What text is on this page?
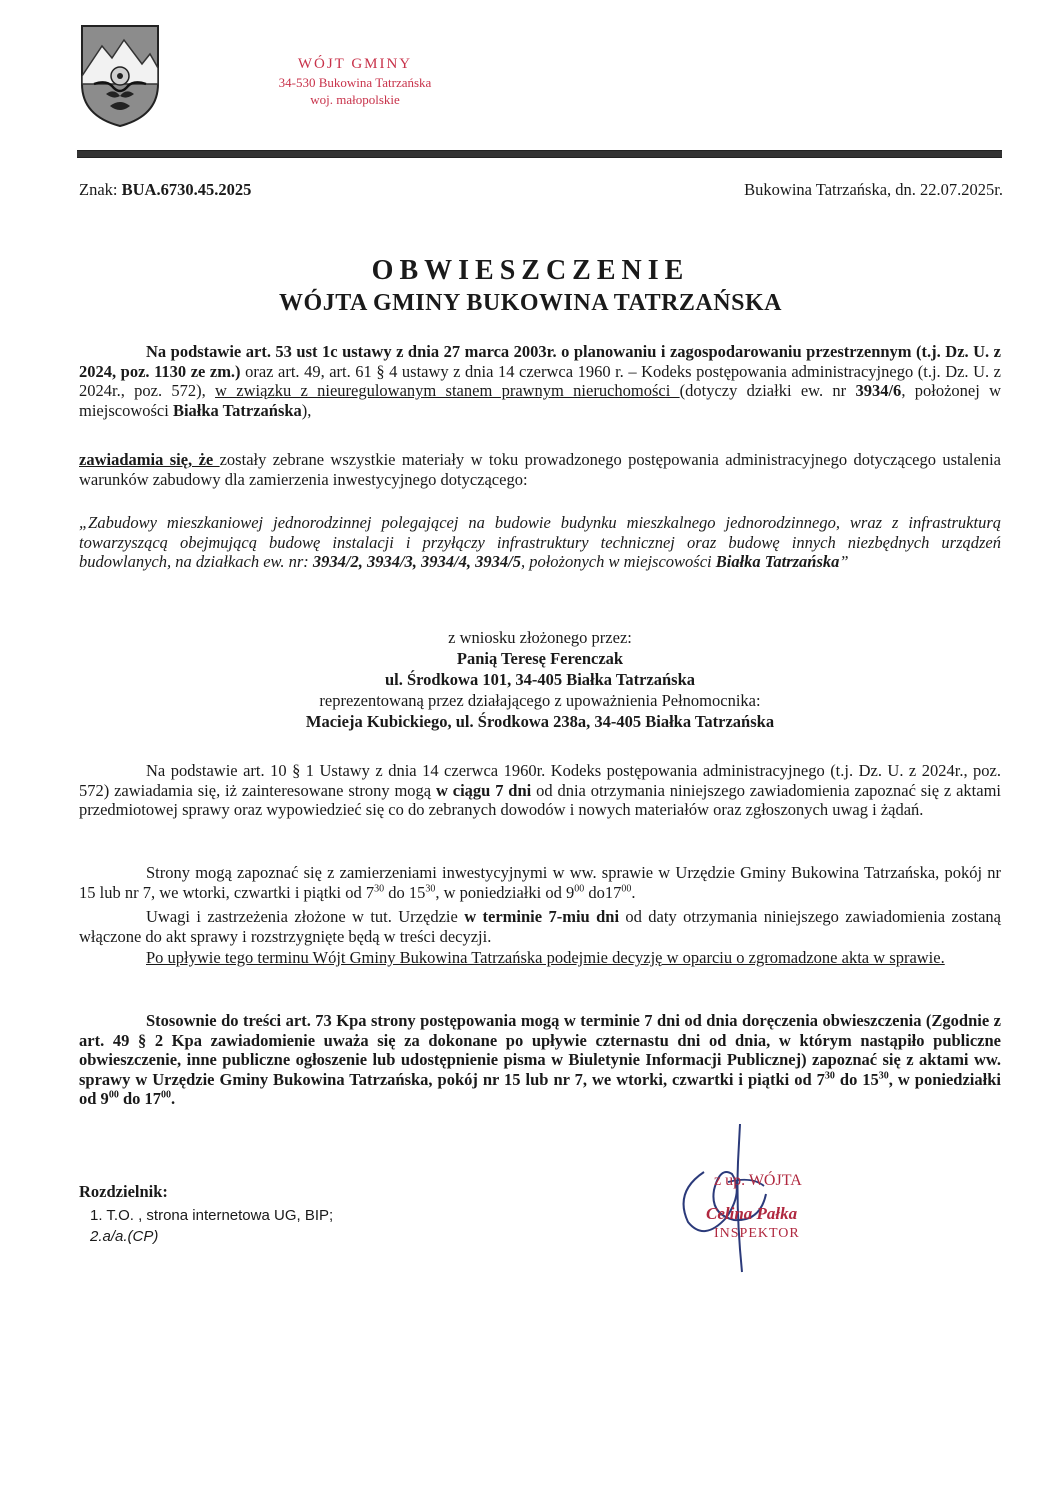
WÓJT GMINY
34-530 Bukowina Tatrzańska
woj. małopolskie
Znak: BUA.6730.45.2025	Bukowina Tatrzańska, dn. 22.07.2025r.
OBWIESZCZENIE
WÓJTA GMINY BUKOWINA TATRZAŃSKA
Na podstawie art. 53 ust 1c ustawy z dnia 27 marca 2003r. o planowaniu i zagospodarowaniu przestrzennym (t.j. Dz. U. z 2024, poz. 1130 ze zm.) oraz art. 49, art. 61 § 4 ustawy z dnia 14 czerwca 1960 r. – Kodeks postępowania administracyjnego (t.j. Dz. U. z 2024r., poz. 572), w związku z nieuregulowanym stanem prawnym nieruchomości (dotyczy działki ew. nr 3934/6, położonej w miejscowości Białka Tatrzańska),
zawiadamia się, że zostały zebrane wszystkie materiały w toku prowadzonego postępowania administracyjnego dotyczącego ustalenia warunków zabudowy dla zamierzenia inwestycyjnego dotyczącego:
„Zabudowy mieszkaniowej jednorodzinnej polegającej na budowie budynku mieszkalnego jednorodzinnego, wraz z infrastrukturą towarzyszącą obejmującą budowę instalacji i przyłączy infrastruktury technicznej oraz budowę innych niezbędnych urządzeń budowlanych, na działkach ew. nr: 3934/2, 3934/3, 3934/4, 3934/5, położonych w miejscowości Białka Tatrzańska”
z wniosku złożonego przez:
Panią Teresę Ferenczak
ul. Środkowa 101, 34-405 Białka Tatrzańska
reprezentowaną przez działającego z upoważnienia Pełnomocnika:
Macieja Kubickiego, ul. Środkowa 238a, 34-405 Białka Tatrzańska
Na podstawie art. 10 § 1 Ustawy z dnia 14 czerwca 1960r. Kodeks postępowania administracyjnego (t.j. Dz. U. z 2024r., poz. 572) zawiadamia się, iż zainteresowane strony mogą w ciągu 7 dni od dnia otrzymania niniejszego zawiadomienia zapoznać się z aktami przedmiotowej sprawy oraz wypowiedzieć się co do zebranych dowodów i nowych materiałów oraz zgłoszonych uwag i żądań.
Strony mogą zapoznać się z zamierzeniami inwestycyjnymi w ww. sprawie w Urzędzie Gminy Bukowina Tatrzańska, pokój nr 15 lub nr 7, we wtorki, czwartki i piątki od $7^{30}$ do $15^{30}$, w poniedziałki od $9^{00}$ $do17^{00}$.
Uwagi i zastrzeżenia złożone w tut. Urzędzie w terminie 7-miu dni od daty otrzymania niniejszego zawiadomienia zostaną włączone do akt sprawy i rozstrzygnięte będą w treści decyzji.
Po upływie tego terminu Wójt Gminy Bukowina Tatrzańska podejmie decyzję w oparciu o zgromadzone akta w sprawie.
Stosownie do treści art. 73 Kpa strony postępowania mogą w terminie 7 dni od dnia doręczenia obwieszczenia (Zgodnie z art. 49 § 2 Kpa zawiadomienie uważa się za dokonane po upływie czternastu dni od dnia, w którym nastąpiło publiczne obwieszczenie, inne publiczne ogłoszenie lub udostępnienie pisma w Biuletynie Informacji Publicznej) zapoznać się z aktami ww. sprawy w Urzędzie Gminy Bukowina Tatrzańska, pokój nr 15 lub nr 7, we wtorki, czwartki i piątki od $7^{30}$ do $15^{30}$, w poniedziałki od $9^{00}$ do $17^{00}$.
Rozdzielnik:
1. T.O. , strona internetowa UG, BIP;
2.a/a.(CP)
z up. WÓJTA
Celina Pałka
INSPEKTOR
